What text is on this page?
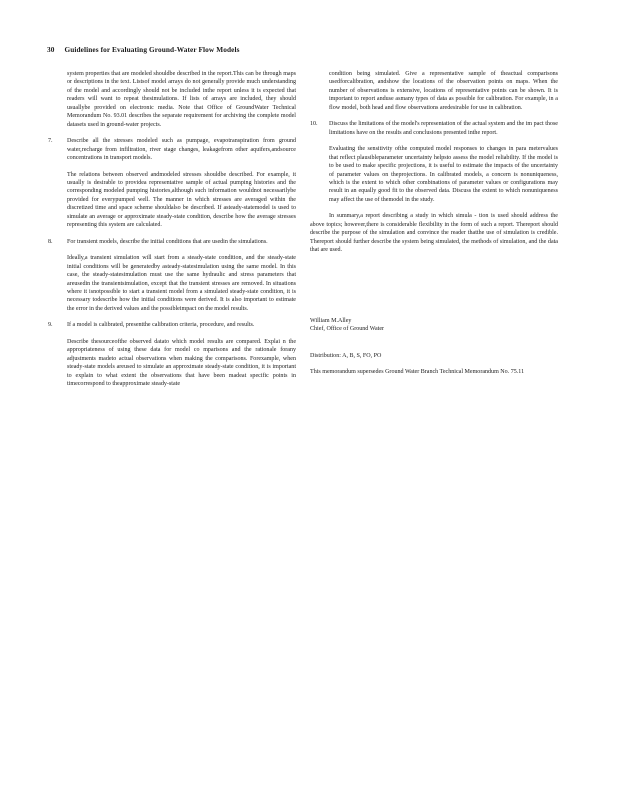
30 Guidelines for Evaluating Ground-Water Flow Models

system properties that are modeled shouldbe described in the report.This can be through maps or descriptions in the text. Listsof model arrays do not generally provide much understanding of the model and accordingly should not be included inthe report unless it is expected that readers will want to repeat thesimulations. If lists of arrays are included, they should usuallybe provided on electronic media. Note that Office of GroundWater Technical Memorandum No. 93.01 describes the separate requirement for archiving the complete model datasets used in ground-water projects.

7. Describe all the stresses modeled such as pumpage, evapotranspiration from ground water,recharge from infiltration, river stage changes, leakagefrom other aquifers,andsource concentrations in transport models.

The relations between observed andmodeled stresses shouldbe described. For example, it usually is desirable to providea representative sample of actual pumping histories and the corresponding modeled pumping histories,although such information wouldnot necessarilybe provided for everypumped well. The manner in which stresses are averaged within the discretized time and space scheme shouldalso be described. If asteady-statemodel is used to simulate an average or approximate steady-state condition, describe how the average stresses representing this system are calculated.

8. For transient models, describe the initial conditions that are usedin the simulations.

Ideally,a transient simulation will start from a steady-state condition, and the steady-state initial conditions will be generatedby asteady-statesimulation using the same model. In this case, the steady-statesimulation must use the same hydraulic and stress parameters that areusedin the transientsimulation, except that the transient stresses are removed. In situations where it isnotpossible to start a transient model from a simulated steady-state condition, it is necessary todescribe how the initial conditions were derived. It is also important to estimate the error in the derived values and the possibleimpact on the model results.

9. If a model is calibrated, presentthe calibration criteria, procedure, and results.

Describe thesourceofthe observed datato which model results are compared. Explai n the appropriateness of using these data for model co mparisons and the rationale forany adjustments madeto actual observations when making the comparisons. Forexample, when steady-state models areused to simulate an approximate steady-state condition, it is important to explain to what extent the observations that have been madeat specific points in timecorrespond to theapproximate steady-state

condition being simulated. Give a representative sample of theactual comparisons usedforcalibration, andshow the locations of the observation points on maps. When the number of observations is extensive, locations of representative points can be shown. It is important to report anduse asmany types of data as possible for calibration. For example, in a flow model, both head and flow observations aredesirable for use in calibration.

10. Discuss the limitations of the model's representation of the actual system and the im pact those limitations have on the results and conclusions presented inthe report.

Evaluating the sensitivity ofthe computed model responses to changes in para metervalues that reflect plausibleparameter uncertainty helpsto assess the model reliability. If the model is to be used to make specific projections, it is useful to estimate the impacts of the uncertainty of parameter values on theprojections. In calibrated models, a concern is nonuniqueness, which is the extent to which other combinations of parameter values or configurations may result in an equally good fit to the observed data. Discuss the extent to which nonuniqueness may affect the use of themodel in the study.

In summary,a report describing a study in which simula - tion is used should address the above topics; however,there is considerable flexibility in the form of such a report. Thereport should describe the purpose of the simulation and convince the reader thatthe use of simulation is credible. Thereport should further describe the system being simulated, the methods of simulation, and the data that are used.

William M.Alley

Chief, Office of Ground Water

Distribution: A, B, S, FO, PO

This memorandum supersedes Ground Water Branch Technical Memorandum No. 75.11
